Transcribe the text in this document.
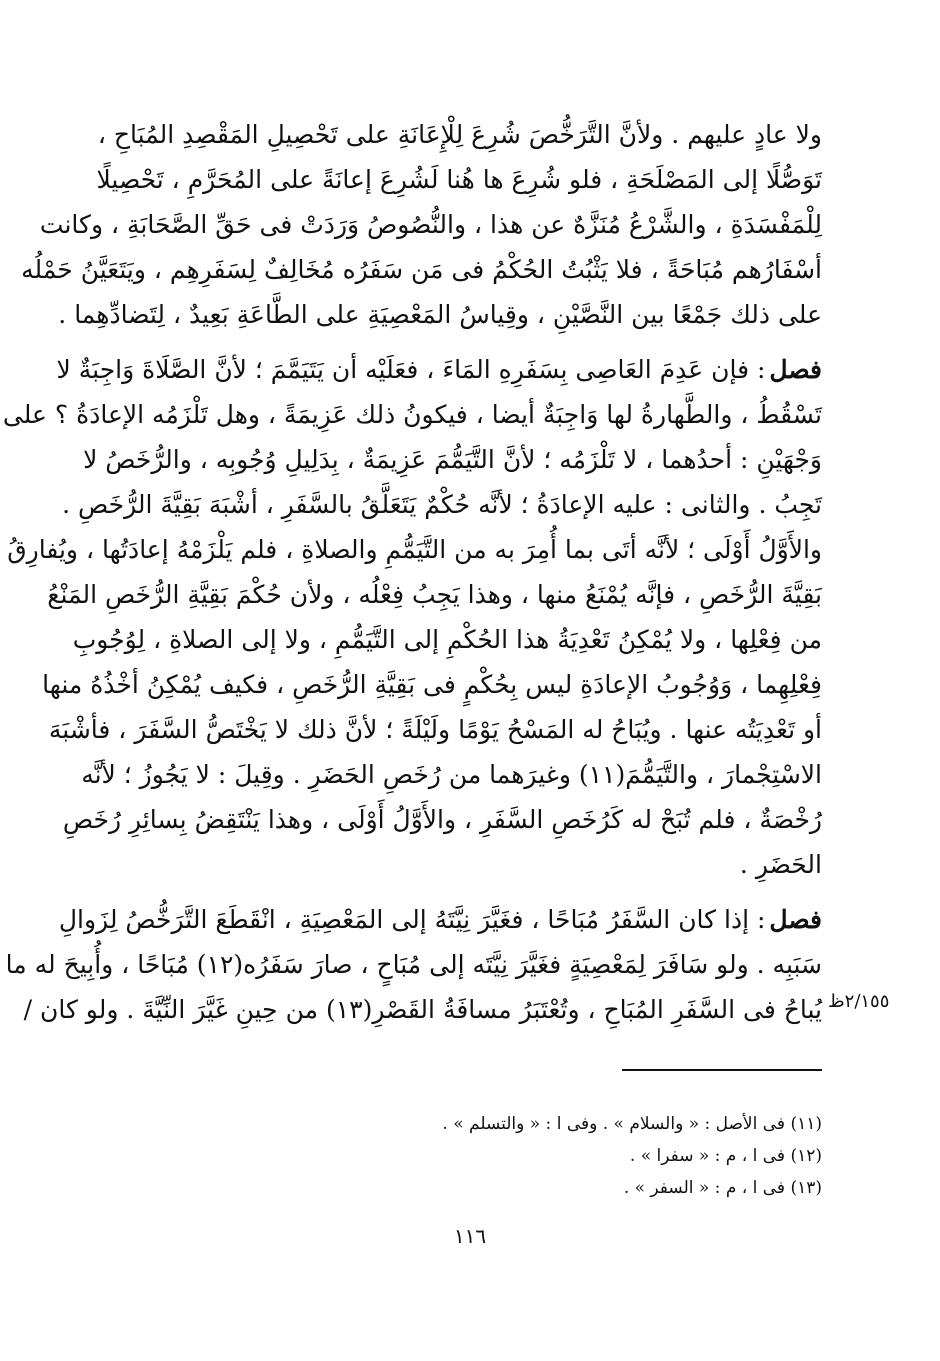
ولا عادٍ عليهم . ولأنَّ التَّرَخُّصَ شُرِعَ لِلْإِعَانَةِ على تَحْصِيلِ المَقْصِدِ المُبَاحِ ،
تَوَصُّلًا إلى المَصْلَحَةِ ، فلو شُرِعَ ها هُنا لَشُرِعَ إعانَةً على المُحَرَّمِ ، تَحْصِيلًا
لِلْمَفْسَدَةِ ، والشَّرْعُ مُنَزَّهٌ عن هذا ، والنُّصُوصُ وَرَدَتْ فى حَقِّ الصَّحَابَةِ ، وكانت
أسْفَارُهم مُبَاحَةً ، فلا يَثْبُتُ الحُكْمُ فى مَن سَفَرُه مُخَالِفٌ لِسَفَرِهِم ، ويَتَعَيَّنُ حَمْلُه
على ذلك جَمْعًا بين النَّصَّيْنِ ، وقِياسُ المَعْصِيَةِ على الطَّاعَةِ بَعِيدٌ ، لِتَضادِّهِما .
فصل: فإن عَدِمَ العَاصِى بِسَفَرِهِ المَاءَ ، فعَلَيْه أن يَتَيَمَّمَ ؛ لأنَّ الصَّلَاةَ وَاجِبَةٌ لا
تَسْقُطُ ، والطَّهارةُ لها وَاجِبَةٌ أيضا ، فيكونُ ذلك عَزِيمَةً ، وهل تَلْزَمُه الإعادَةُ ؟ على
وَجْهَيْنِ : أحدُهما ، لا تَلْزَمُه ؛ لأنَّ التَّيَمُّمَ عَزِيمَةٌ ، بِدَلِيلِ وُجُوبِه ، والرُّخَصُ لا
تَجِبُ . والثانى : عليه الإعادَةُ ؛ لأنَّه حُكْمٌ يَتَعَلَّقُ بالسَّفَرِ ، أشْبَهَ بَقِيَّةَ الرُّخَصِ .
والأَوَّلُ أَوْلَى ؛ لأنَّه أتَى بما أُمِرَ به من التَّيَمُّمِ والصلاةِ ، فلم يَلْزَمْهُ إعادَتُها ، ويُفارِقُ
بَقِيَّةَ الرُّخَصِ ، فإنَّه يُمْنَعُ منها ، وهذا يَجِبُ فِعْلُه ، ولأن حُكْمَ بَقِيَّةِ الرُّخَصِ المَنْعُ
من فِعْلِها ، ولا يُمْكِنُ تَعْدِيَةُ هذا الحُكْمِ إلى التَّيَمُّمِ ، ولا إلى الصلاةِ ، لِوُجُوبِ
فِعْلِهِما ، وَوُجُوبُ الإعادَةِ ليس بِحُكْمٍ فى بَقِيَّةِ الرُّخَصِ ، فكيف يُمْكِنُ أخْذُهُ منها
أو تَعْدِيَتُه عنها . ويُبَاحُ له المَسْحُ يَوْمًا ولَيْلَةً ؛ لأنَّ ذلك لا يَخْتَصُّ السَّفَرَ ، فأشْبَهَ
الاسْتِجْمارَ ، والتَّيَمُّمَ(١١) وغيرَهما من رُخَصِ الحَضَرِ . وقِيلَ : لا يَجُوزُ ؛ لأنَّه
رُخْصَةٌ ، فلم تُبَحْ له كَرُخَصِ السَّفَرِ ، والأَوَّلُ أَوْلَى ، وهذا يَنْتَقِضُ بِسائِرِ رُخَصِ
الحَضَرِ .
فصل: إذا كان السَّفَرُ مُبَاحًا ، فغَيَّرَ نِيَّتَهُ إلى المَعْصِيَةِ ، انْقَطَعَ التَّرَخُّصُ لِزَوالِ
سَبَبِه . ولو سَافَرَ لِمَعْصِيَةٍ فغَيَّرَ نِيَّتَه إلى مُبَاحٍ ، صارَ سَفَرُه(١٢) مُبَاحًا ، وأُبِيحَ له ما
يُباحُ فى السَّفَرِ المُبَاحِ ، وتُعْتَبَرُ مسافَةُ القَصْرِ(١٣) من حِينِ غَيَّرَ النِّيَّةَ . ولو كان / ٢/١٥٥ظ
(١١) فى الأصل : « والسلام » . وفى ا : « والتسلم » .
(١٢) فى ا ، م : « سفرا » .
(١٣) فى ا ، م : « السفر » .
١١٦
